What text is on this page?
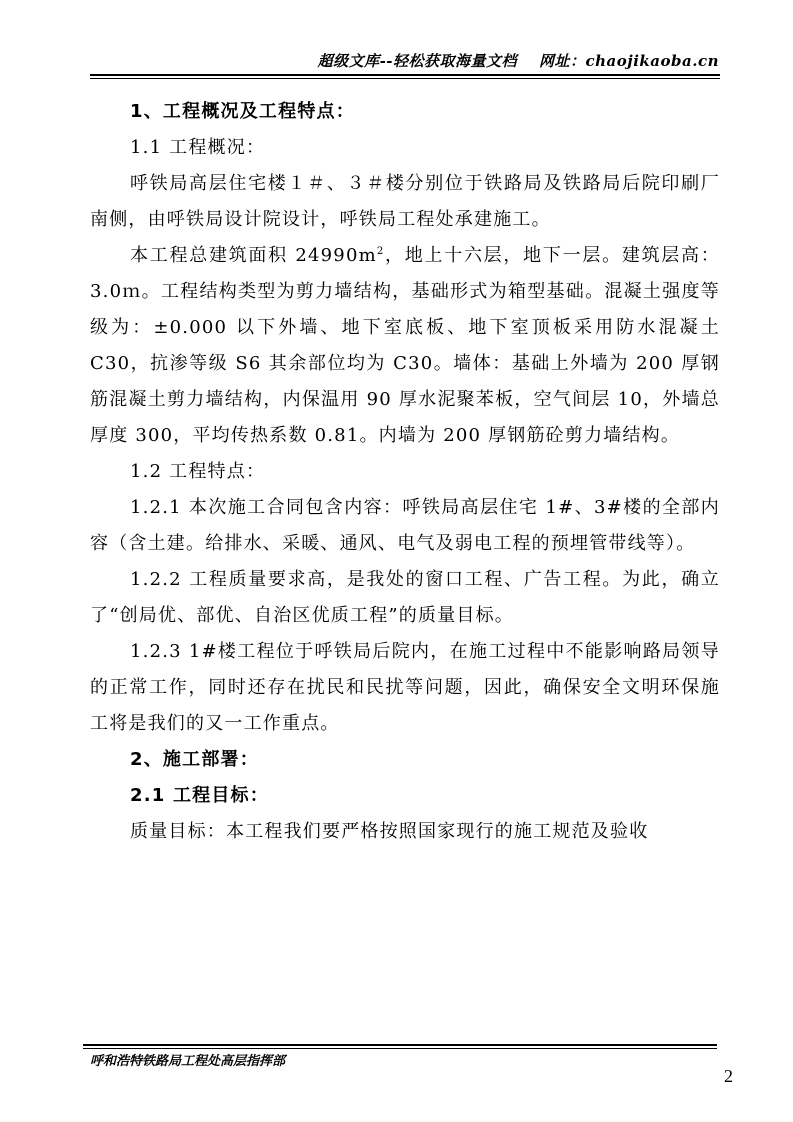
超级文库--轻松获取海量文档 网址：chaojikaoba.cn

1、工程概况及工程特点：

1.1 工程概况：

呼铁局高层住宅楼１＃、３＃楼分别位于铁路局及铁路局后院印刷厂南侧，由呼铁局设计院设计，呼铁局工程处承建施工。

本工程总建筑面积 $24990m^2$，地上十六层，地下一层。建筑层高：3.0ｍ。工程结构类型为剪力墙结构，基础形式为箱型基础。混凝土强度等级为：±0.000 以下外墙、地下室底板、地下室顶板采用防水混凝土 C30，抗渗等级 S6 其余部位均为 C30。墙体：基础上外墙为 200 厚钢筋混凝土剪力墙结构，内保温用 90 厚水泥聚苯板，空气间层 10，外墙总厚度 300，平均传热系数 0.81。内墙为 200 厚钢筋砼剪力墙结构。

1.2 工程特点：

1.2.1 本次施工合同包含内容：呼铁局高层住宅 1#、3#楼的全部内容（含土建。给排水、采暖、通风、电气及弱电工程的预埋管带线等）。

1.2.2 工程质量要求高，是我处的窗口工程、广告工程。为此，确立了“创局优、部优、自治区优质工程”的质量目标。

1.2.3 1#楼工程位于呼铁局后院内，在施工过程中不能影响路局领导的正常工作，同时还存在扰民和民扰等问题，因此，确保安全文明环保施工将是我们的又一工作重点。

2、施工部署：

2.1 工程目标：

质量目标：本工程我们要严格按照国家现行的施工规范及验收

呼和浩特铁路局工程处高层指挥部
2
